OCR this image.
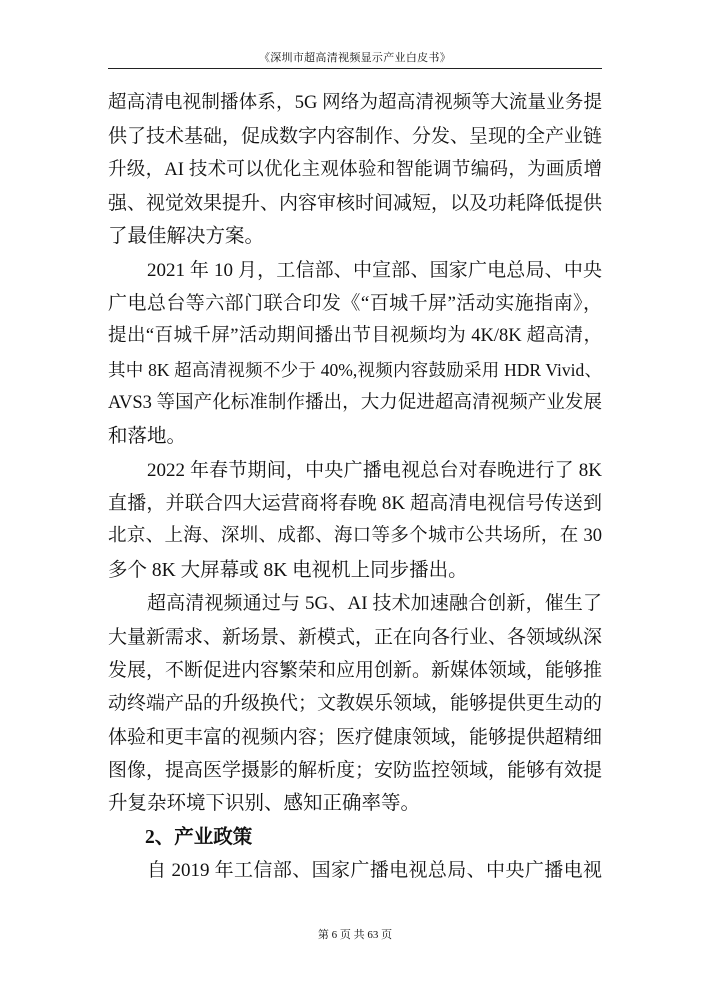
《深圳市超高清视频显示产业白皮书》
超高清电视制播体系，5G 网络为超高清视频等大流量业务提
供了技术基础，促成数字内容制作、分发、呈现的全产业链
升级，AI 技术可以优化主观体验和智能调节编码，为画质增
强、视觉效果提升、内容审核时间减短，以及功耗降低提供
了最佳解决方案。
2021 年 10 月，工信部、中宣部、国家广电总局、中央
广电总台等六部门联合印发《“百城千屏”活动实施指南》，
提出“百城千屏”活动期间播出节目视频均为 4K/8K 超高清，
其中 8K 超高清视频不少于 40%,视频内容鼓励采用 HDR Vivid、
AVS3 等国产化标准制作播出，大力促进超高清视频产业发展
和落地。
2022 年春节期间，中央广播电视总台对春晚进行了 8K
直播，并联合四大运营商将春晚 8K 超高清电视信号传送到
北京、上海、深圳、成都、海口等多个城市公共场所，在 30
多个 8K 大屏幕或 8K 电视机上同步播出。
超高清视频通过与 5G、AI 技术加速融合创新，催生了
大量新需求、新场景、新模式，正在向各行业、各领域纵深
发展，不断促进内容繁荣和应用创新。新媒体领域，能够推
动终端产品的升级换代；文教娱乐领域，能够提供更生动的
体验和更丰富的视频内容；医疗健康领域，能够提供超精细
图像，提高医学摄影的解析度；安防监控领域，能够有效提
升复杂环境下识别、感知正确率等。
2、产业政策
自 2019 年工信部、国家广播电视总局、中央广播电视
第 6 页 共 63 页
